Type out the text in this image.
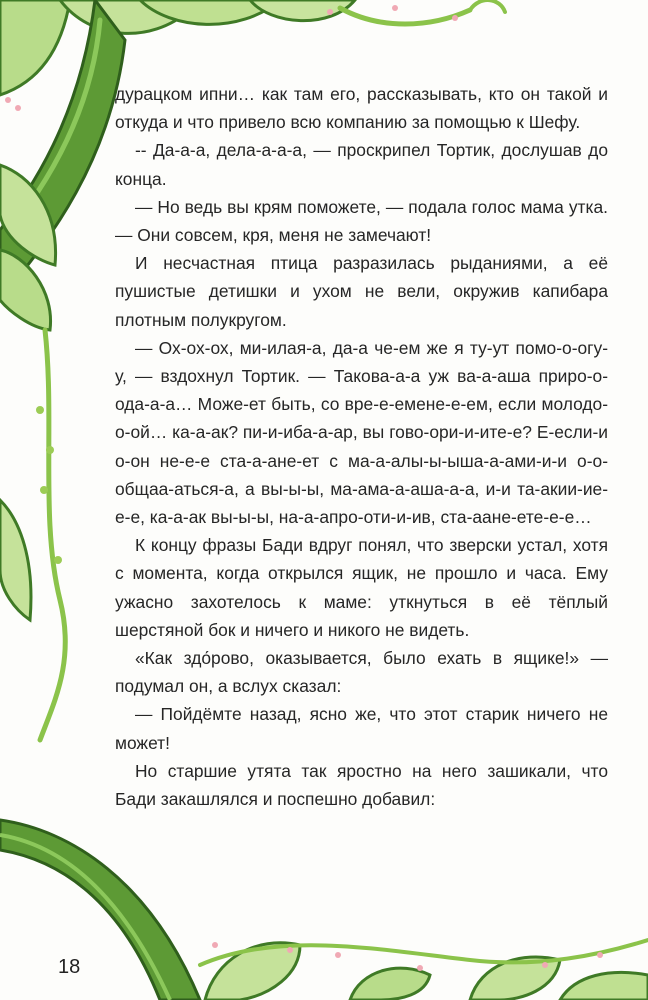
дурацком ипни… как там его, рассказывать, кто он такой и откуда и что привело всю компанию за помощью к Шефу.

-- Да-а-а, дела-а-а-а, — проскрипел Тортик, дослушав до конца.

— Но ведь вы крям поможете, — подала голос мама утка. — Они совсем, кря, меня не замечают!

И несчастная птица разразилась рыданиями, а её пушистые детишки и ухом не вели, окружив капибара плотным полукругом.

— Ох-ох-ох, ми-илая-а, да-а че-ем же я ту-ут помо-о-огу-у, — вздохнул Тортик. — Такова-а-а уж ва-а-аша приро-о-ода-а-а… Може-ет быть, со вре-е-емене-е-ем, если молодо-о-ой… ка-а-ак? пи-и-иба-а-ар, вы гово-ори-и-ите-е? Е-если-и о-он не-е-е ста-а-ане-ет с ма-а-алы-ы-ыша-а-ами-и-и о-о-общаа-аться-а, а вы-ы-ы, ма-ама-а-аша-а-а, и-и та-акии-ие-е-е, ка-а-ак вы-ы-ы, на-а-апро-оти-и-ив, ста-аане-ете-е-е…

К концу фразы Бади вдруг понял, что зверски устал, хотя с момента, когда открылся ящик, не прошло и часа. Ему ужасно захотелось к маме: уткнуться в её тёплый шерстяной бок и ничего и никого не видеть.

«Как здо́рово, оказывается, было ехать в ящике!» — подумал он, а вслух сказал:

— Пойдёмте назад, ясно же, что этот старик ничего не может!

Но старшие утята так яростно на него зашикали, что Бади закашлялся и поспешно добавил:

18
